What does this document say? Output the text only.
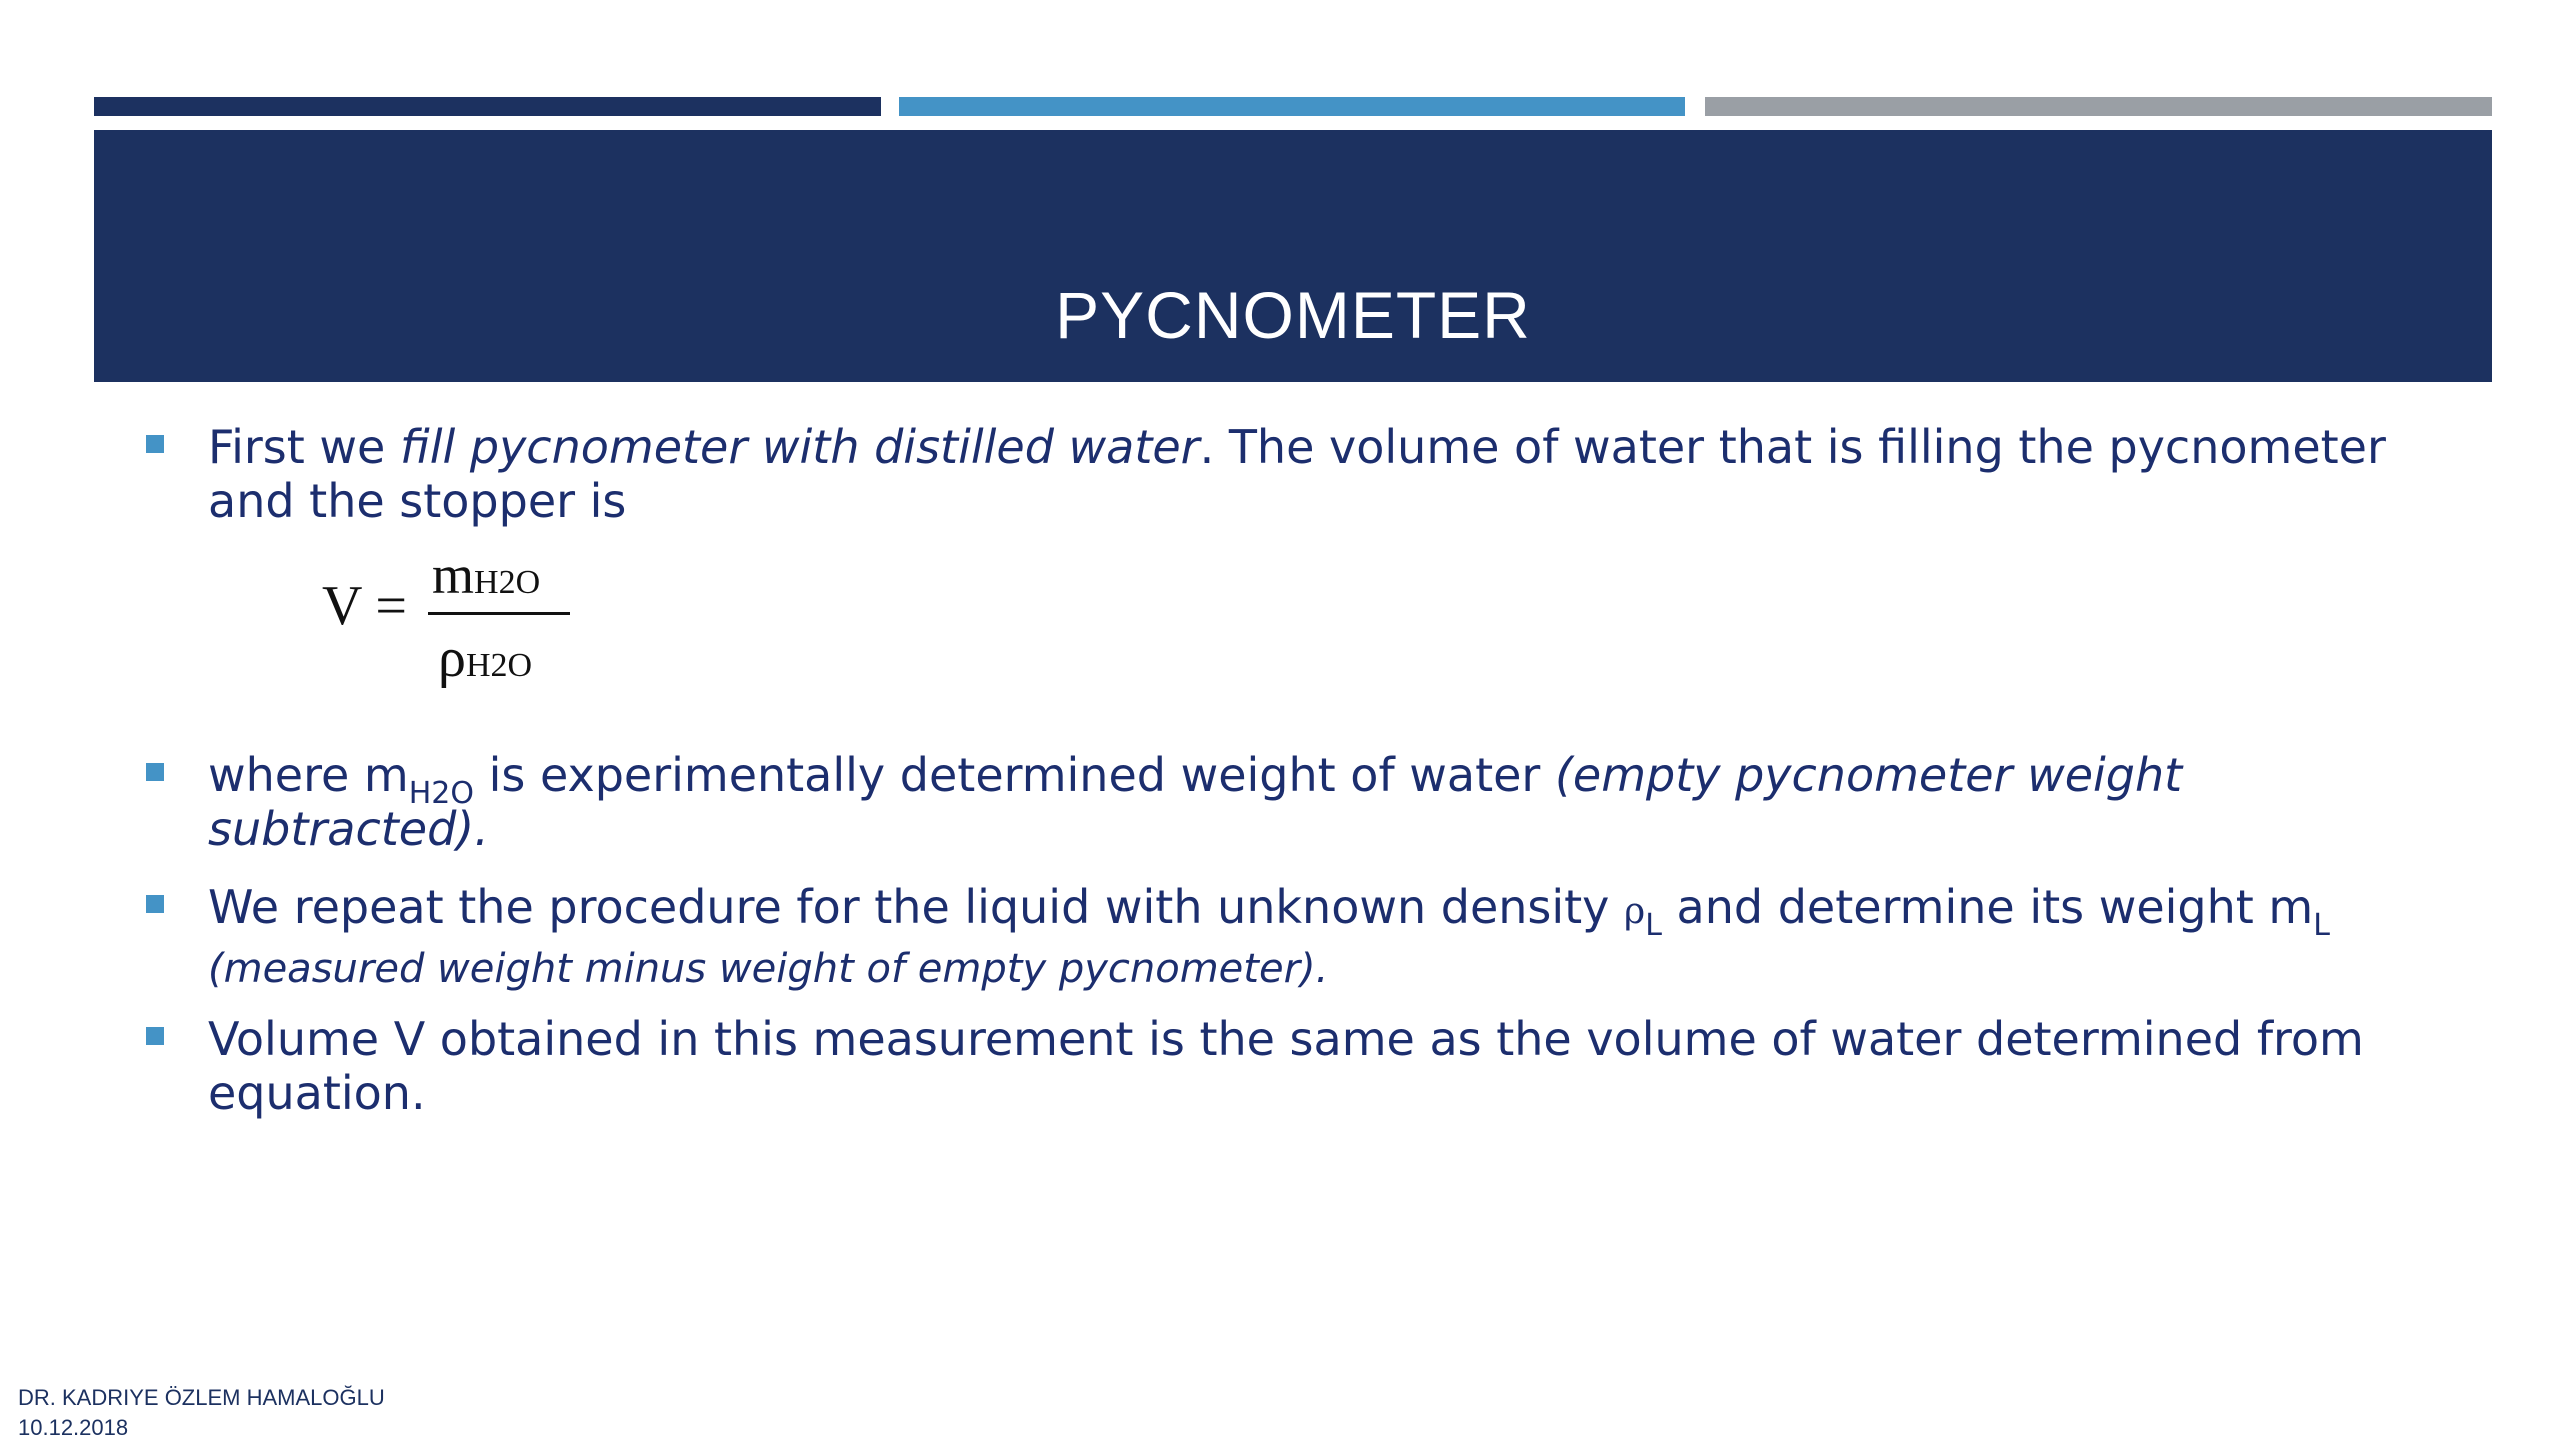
PYCNOMETER
First we fill pycnometer with distilled water. The volume of water that is filling the pycnometer and the stopper is
V = mH2O
ρH2O
where $m_{H2O}$ is experimentally determined weight of water (empty pycnometer weight subtracted).
We repeat the procedure for the liquid with unknown density $\rho_L$ and determine its weight $m_L$ (measured weight minus weight of empty pycnometer).
Volume V obtained in this measurement is the same as the volume of water determined from equation.
DR. KADRIYE ÖZLEM HAMALOĞLU
10.12.2018
